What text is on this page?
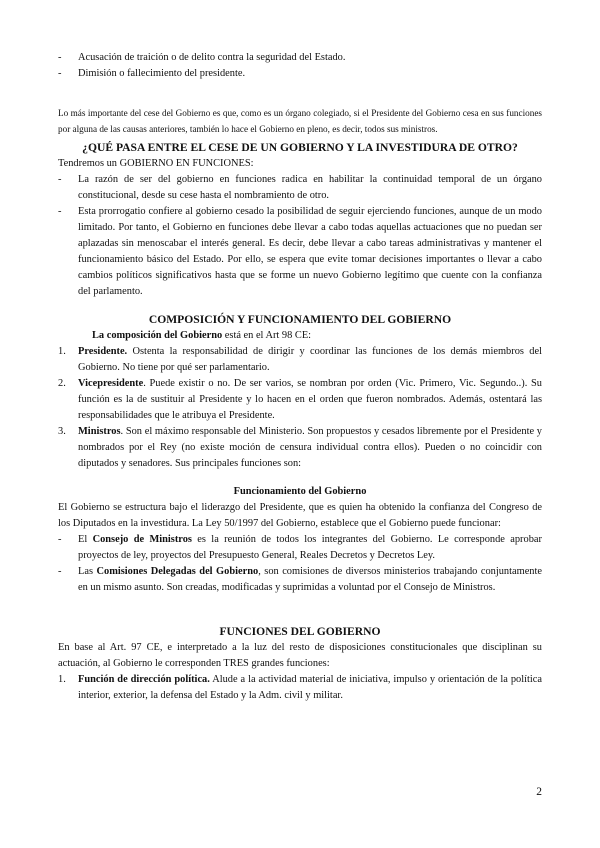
-	Acusación de traición o de delito contra la seguridad del Estado.
-	Dimisión o fallecimiento del presidente.

Lo más importante del cese del Gobierno es que, como es un órgano colegiado, si el Presidente del Gobierno cesa en sus funciones por alguna de las causas anteriores, también lo hace el Gobierno en pleno, es decir, todos sus ministros.

¿QUÉ PASA ENTRE EL CESE DE UN GOBIERNO Y LA INVESTIDURA DE OTRO?

Tendremos un GOBIERNO EN FUNCIONES:

-	La razón de ser del gobierno en funciones radica en habilitar la continuidad temporal de un órgano constitucional, desde su cese hasta el nombramiento de otro.
-	Esta prorrogatio confiere al gobierno cesado la posibilidad de seguir ejerciendo funciones, aunque de un modo limitado. Por tanto, el Gobierno en funciones debe llevar a cabo todas aquellas actuaciones que no puedan ser aplazadas sin menoscabar el interés general. Es decir, debe llevar a cabo tareas administrativas y mantener el funcionamiento básico del Estado. Por ello, se espera que evite tomar decisiones importantes o llevar a cabo cambios políticos significativos hasta que se forme un nuevo Gobierno legítimo que cuente con la confianza del parlamento.
COMPOSICIÓN Y FUNCIONAMIENTO DEL GOBIERNO

La composición del Gobierno está en el Art 98 CE:

1.	Presidente. Ostenta la responsabilidad de dirigir y coordinar las funciones de los demás miembros del Gobierno. No tiene por qué ser parlamentario.
2.	Vicepresidente. Puede existir o no. De ser varios, se nombran por orden (Vic. Primero, Vic. Segundo..). Su función es la de sustituir al Presidente y lo hacen en el orden que fueron nombrados. Además, ostentará las responsabilidades que le atribuya el Presidente.
3.	Ministros. Son el máximo responsable del Ministerio. Son propuestos y cesados libremente por el Presidente y nombrados por el Rey (no existe moción de censura individual contra ellos). Pueden o no coincidir con diputados y senadores. Sus principales funciones son:
Funcionamiento del Gobierno

El Gobierno se estructura bajo el liderazgo del Presidente, que es quien ha obtenido la confianza del Congreso de los Diputados en la investidura. La Ley 50/1997 del Gobierno, establece que el Gobierno puede funcionar:

-	El Consejo de Ministros es la reunión de todos los integrantes del Gobierno. Le corresponde aprobar proyectos de ley, proyectos del Presupuesto General, Reales Decretos y Decretos Ley.
-	Las Comisiones Delegadas del Gobierno, son comisiones de diversos ministerios trabajando conjuntamente en un mismo asunto. Son creadas, modificadas y suprimidas a voluntad por el Consejo de Ministros.
FUNCIONES DEL GOBIERNO

En base al Art. 97 CE, e interpretado a la luz del resto de disposiciones constitucionales que disciplinan su actuación, al Gobierno le corresponden TRES grandes funciones:

1.	Función de dirección política. Alude a la actividad material de iniciativa, impulso y orientación de la política interior, exterior, la defensa del Estado y la Adm. civil y militar.
2
